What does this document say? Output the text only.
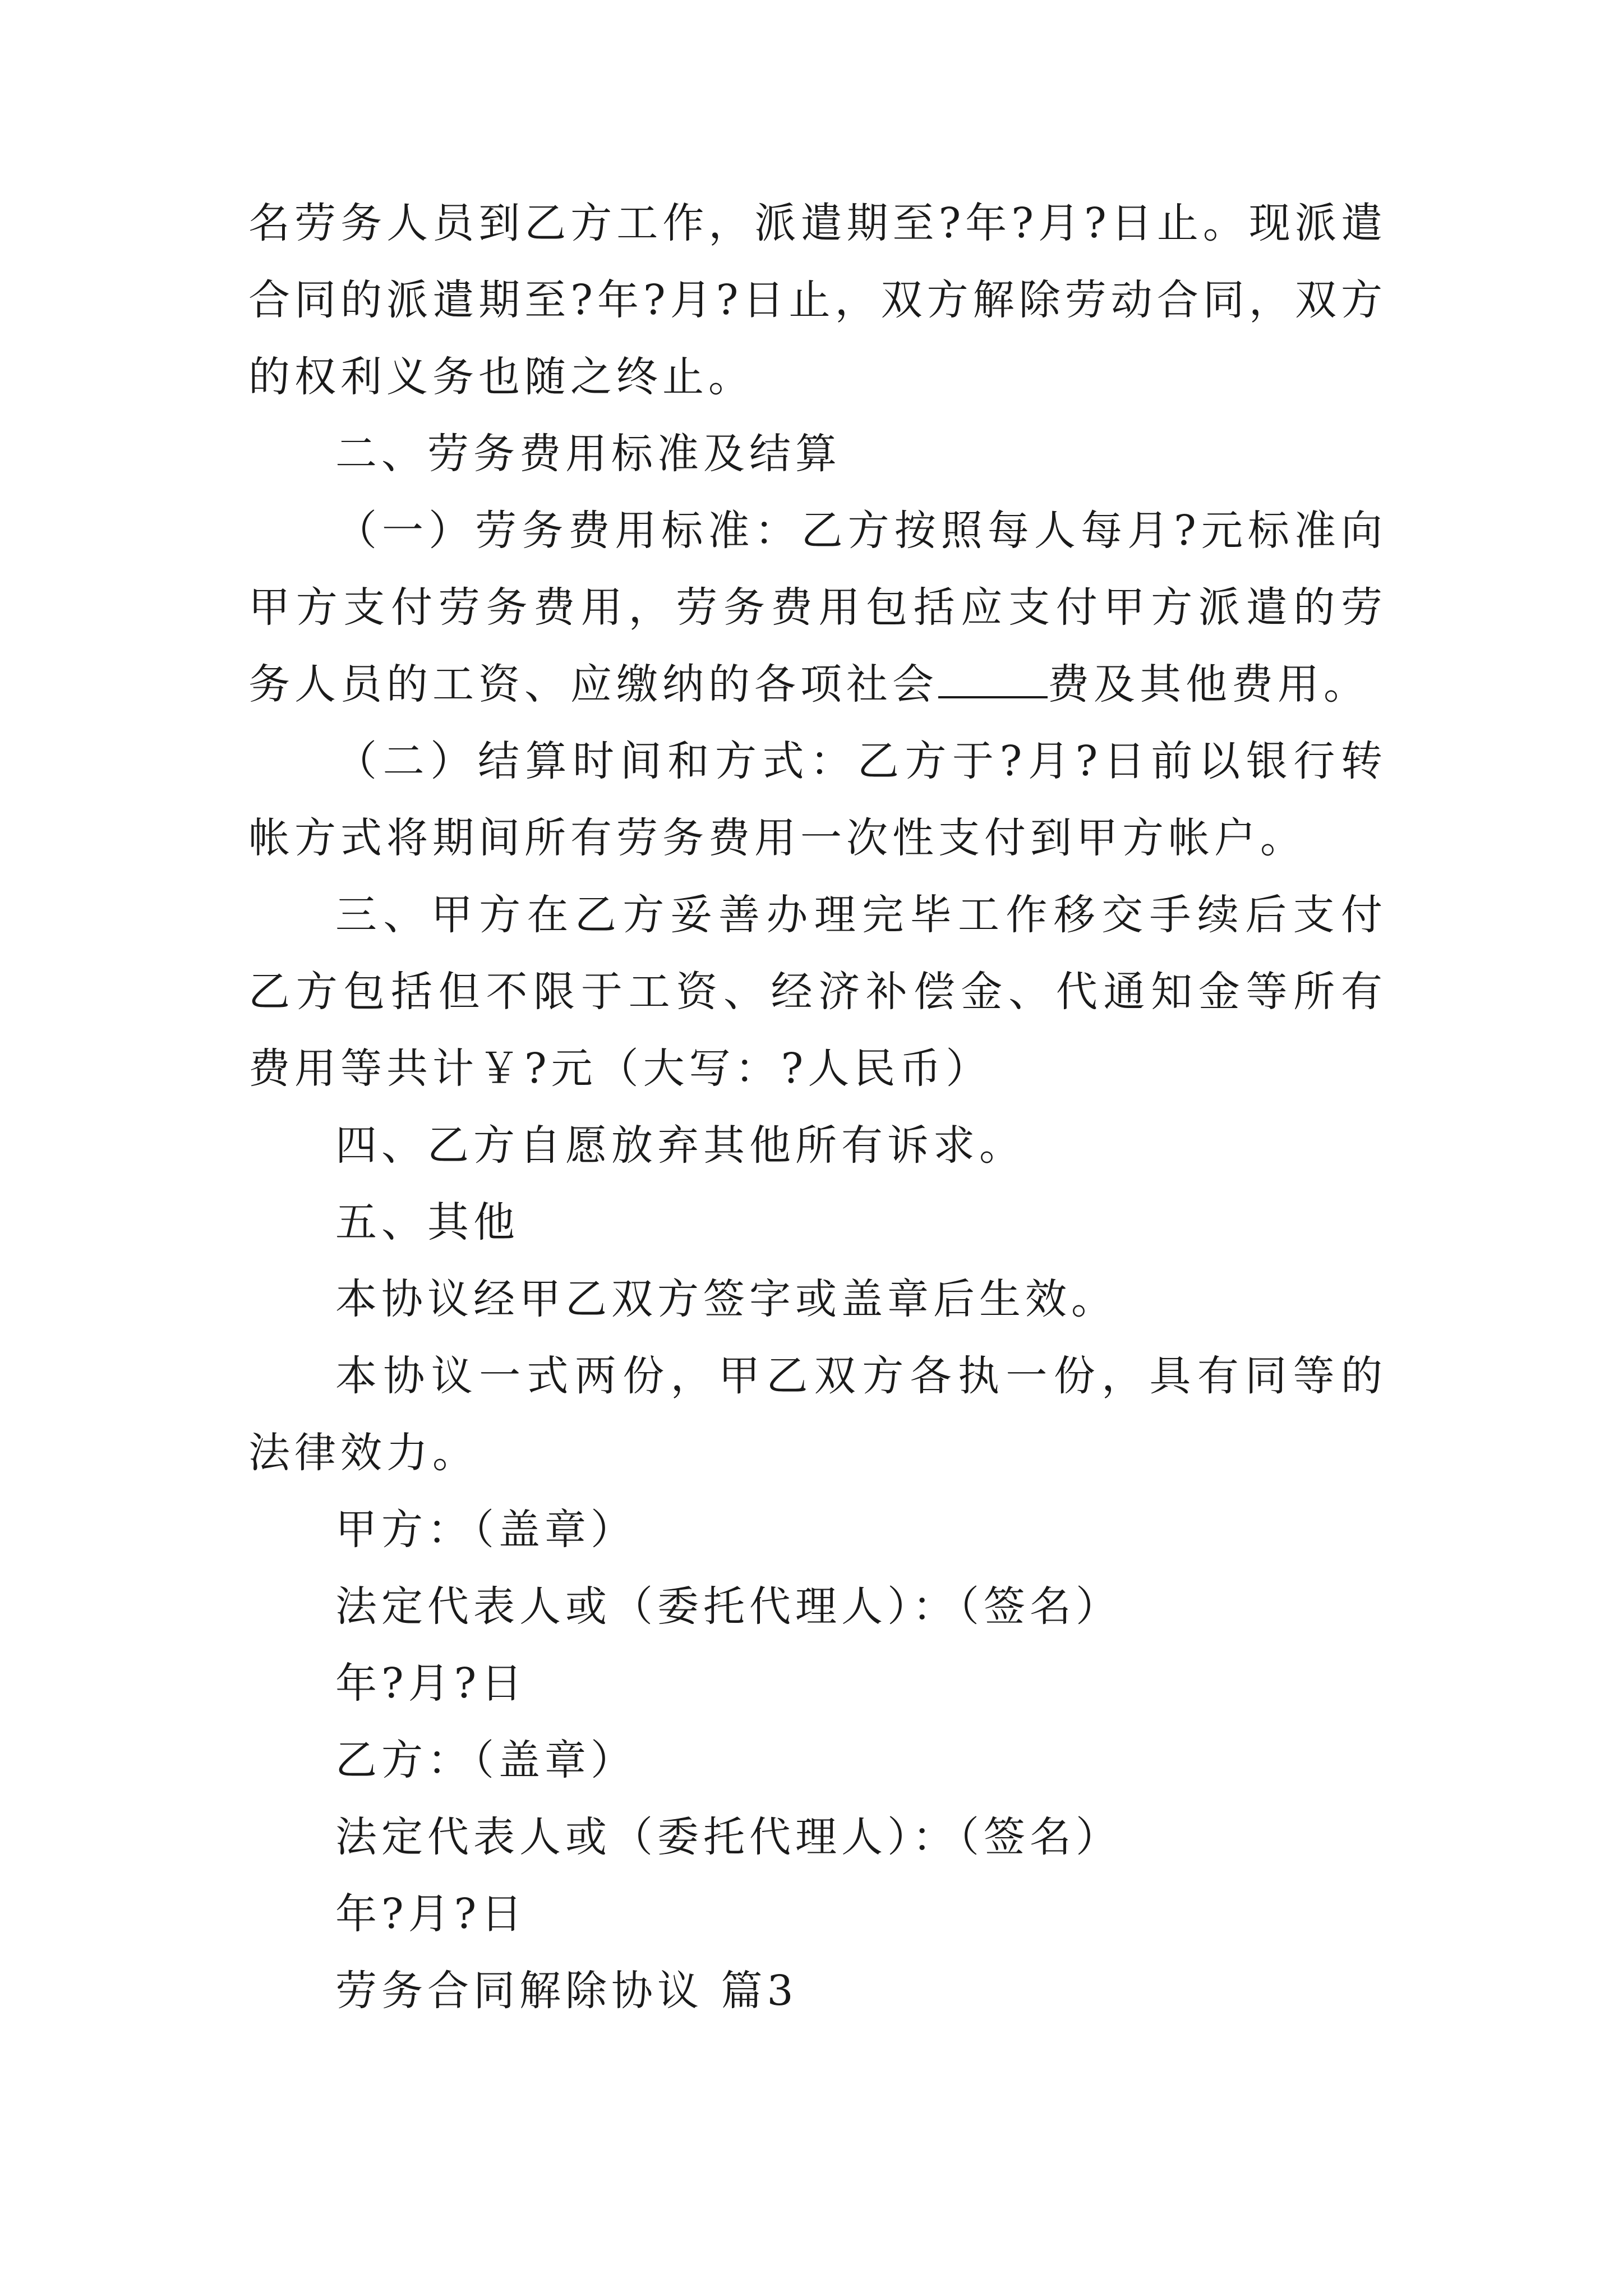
名劳务人员到乙方工作，派遣期至?年?月?日止。现派遣合同的派遣期至?年?月?日止，双方解除劳动合同，双方的权利义务也随之终止。

二、劳务费用标准及结算

（一）劳务费用标准：乙方按照每人每月?元标准向甲方支付劳务费用，劳务费用包括应支付甲方派遣的劳务人员的工资、应缴纳的各项社会	费及其他费用。

（二）结算时间和方式：乙方于?月?日前以银行转帐方式将期间所有劳务费用一次性支付到甲方帐户。

三、甲方在乙方妥善办理完毕工作移交手续后支付乙方包括但不限于工资、经济补偿金、代通知金等所有费用等共计￥?元（大写：?人民币）

四、乙方自愿放弃其他所有诉求。

五、其他

本协议经甲乙双方签字或盖章后生效。

本协议一式两份，甲乙双方各执一份，具有同等的法律效力。

甲方：（盖章）

法定代表人或（委托代理人）：（签名）

年?月?日

乙方：（盖章）

法定代表人或（委托代理人）：（签名）

年?月?日

劳务合同解除协议 篇3
